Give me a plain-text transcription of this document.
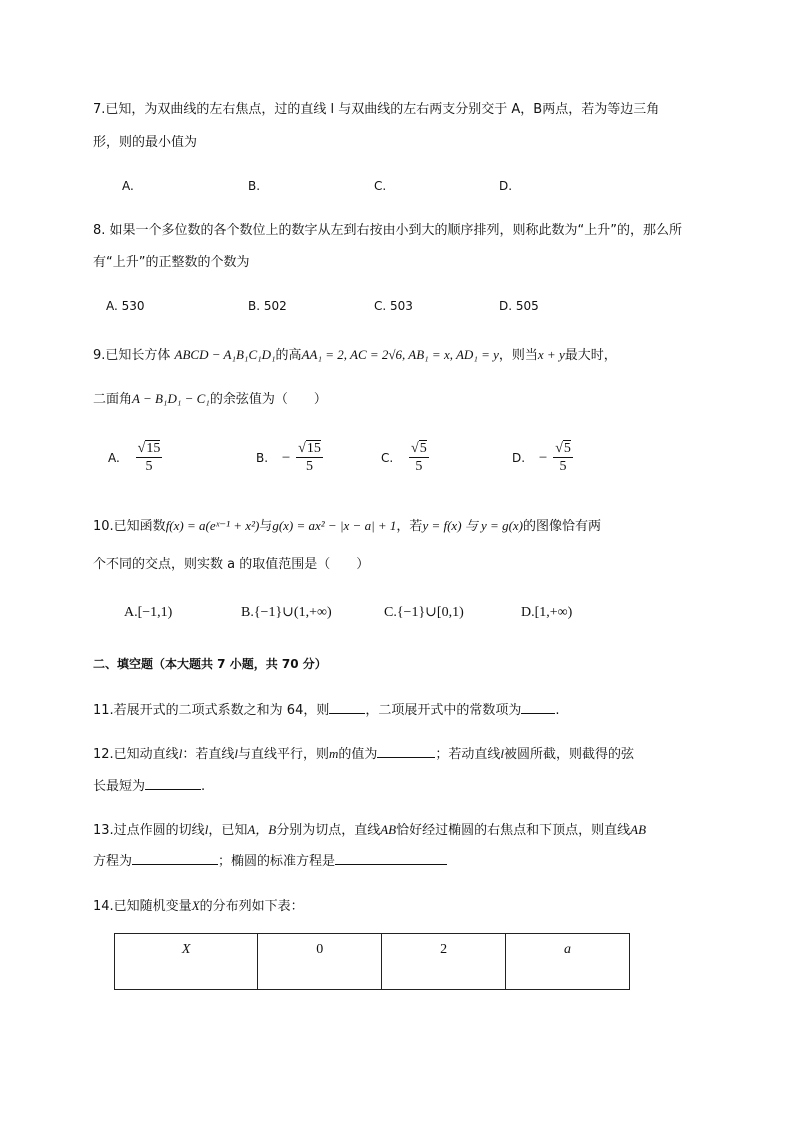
7.已知，为双曲线的左右焦点，过的直线 l 与双曲线的左右两支分别交于 A，B两点，若为等边三角
形，则的最小值为
A.	B.	C.	D.
8. 如果一个多位数的各个数位上的数字从左到右按由小到大的顺序排列，则称此数为“上升”的，那么所
有“上升”的正整数的个数为
A. 530	B. 502	C. 503	D. 505
9.已知长方体 ABCD − A₁B₁C₁D₁的高AA₁ = 2, AC = 2√6, AB₁ = x, AD₁ = y，则当x + y最大时，
二面角A − B₁D₁ − C₁的余弦值为（　　）
A. $\frac{√15}{5}$	B. − $\frac{√15}{5}$	C. $\frac{√5}{5}$	D. − $\frac{√5}{5}$
10.已知函数f(x) = a(eˣ⁻¹ + x²)与g(x) = ax² − |x − a| + 1，若y = f(x) 与 y = g(x)的图像恰有两
个不同的交点，则实数 a 的取值范围是（　　）
A.[−1,1)	B.{−1}∪(1,+∞)	C.{−1}∪[0,1)	D.[1,+∞)
二、填空题（本大题共 7 小题，共 70 分）
11.若展开式的二项式系数之和为 64，则	，二项展开式中的常数项为	.
12.已知动直线l：若直线l与直线平行，则m的值为	；若动直线l被圆所截，则截得的弦
长最短为	.
13.过点作圆的切线l，已知A，B分别为切点，直线AB恰好经过椭圆的右焦点和下顶点，则直线AB
方程为	；椭圆的标准方程是
14.已知随机变量X的分布列如下表：
X	0	2	a
